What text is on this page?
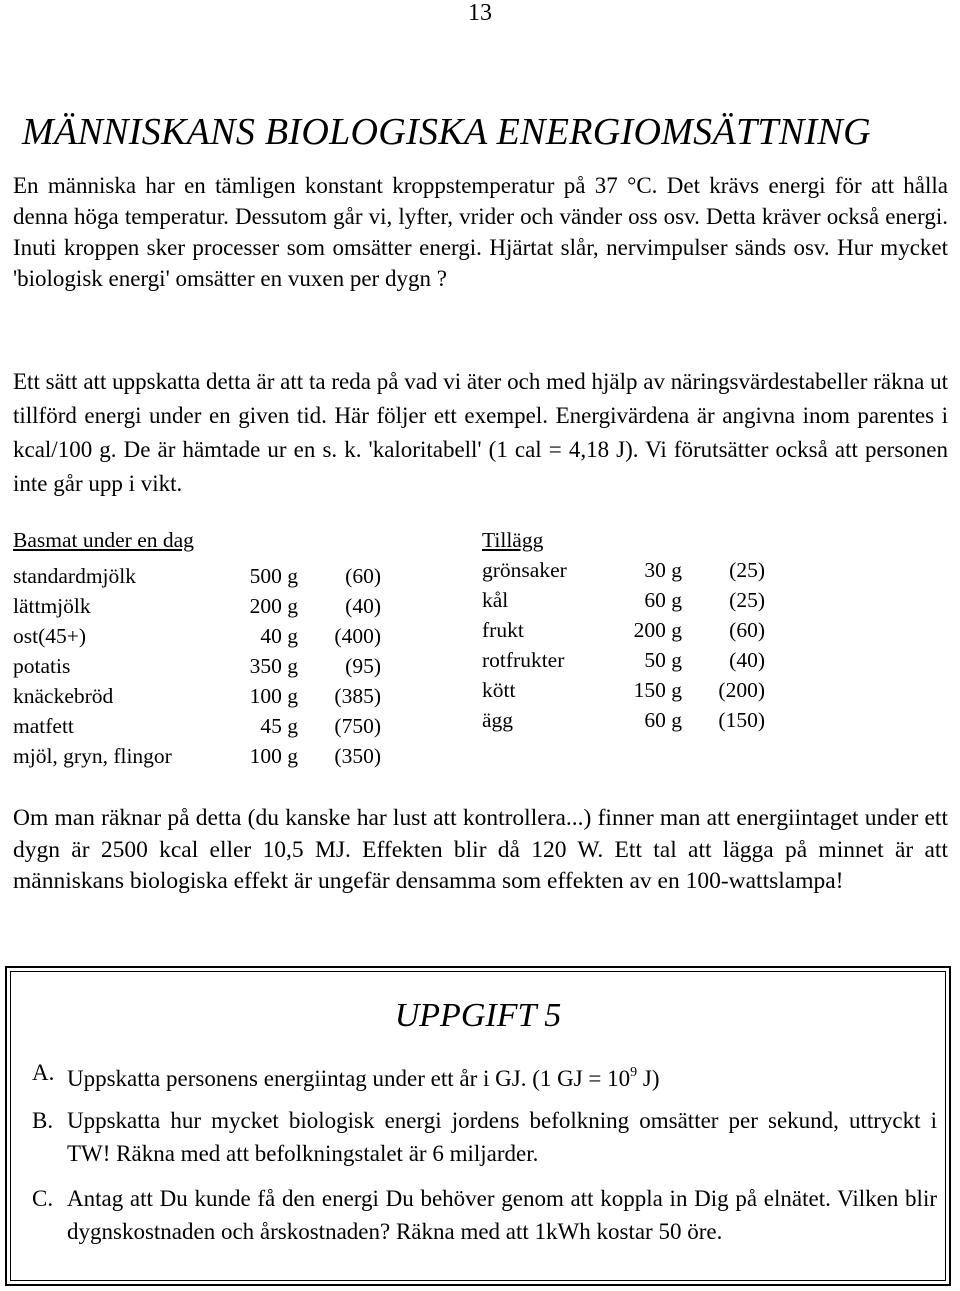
13
MÄNNISKANS BIOLOGISKA ENERGIOMSÄTTNING
En människa har en tämligen konstant kroppstemperatur på 37 °C. Det krävs energi för att hålla denna höga temperatur. Dessutom går vi, lyfter, vrider och vänder oss osv. Detta kräver också energi. Inuti kroppen sker processer som omsätter energi. Hjärtat slår, nervimpulser sänds osv. Hur mycket 'biologisk energi' omsätter en vuxen per dygn ?
Ett sätt att uppskatta detta är att ta reda på vad vi äter och med hjälp av näringsvärdestabeller räkna ut tillförd energi under en given tid. Här följer ett exempel. Energivärdena är angivna inom parentes i kcal/100 g. De är hämtade ur en s. k. 'kaloritabell' (1 cal = 4,18 J). Vi förutsätter också att personen inte går upp i vikt.
Basmat under en dag
standardmjölk	500 g (60)
lättmjölk	200 g (40)
ost(45+)	40 g (400)
potatis	350 g (95)
knäckebröd	100 g (385)
matfett	45 g (750)
mjöl, gryn, flingor	100 g (350)
Tillägg
grönsaker	30 g (25)
kål	60 g (25)
frukt	200 g (60)
rotfrukter	50 g (40)
kött	150 g (200)
ägg	60 g (150)
Om man räknar på detta (du kanske har lust att kontrollera...) finner man att energiintaget under ett dygn är 2500 kcal eller 10,5 MJ. Effekten blir då 120 W. Ett tal att lägga på minnet är att människans biologiska effekt är ungefär densamma som effekten av en 100-wattslampa!
UPPGIFT 5
A. Uppskatta personens energiintag under ett år i GJ. (1 GJ = $10^9$ J)
B. Uppskatta hur mycket biologisk energi jordens befolkning omsätter per sekund, uttryckt i TW! Räkna med att befolkningstalet är 6 miljarder.
C. Antag att Du kunde få den energi Du behöver genom att koppla in Dig på elnätet. Vilken blir dygnskostnaden och årskostnaden? Räkna med att 1kWh kostar 50 öre.
